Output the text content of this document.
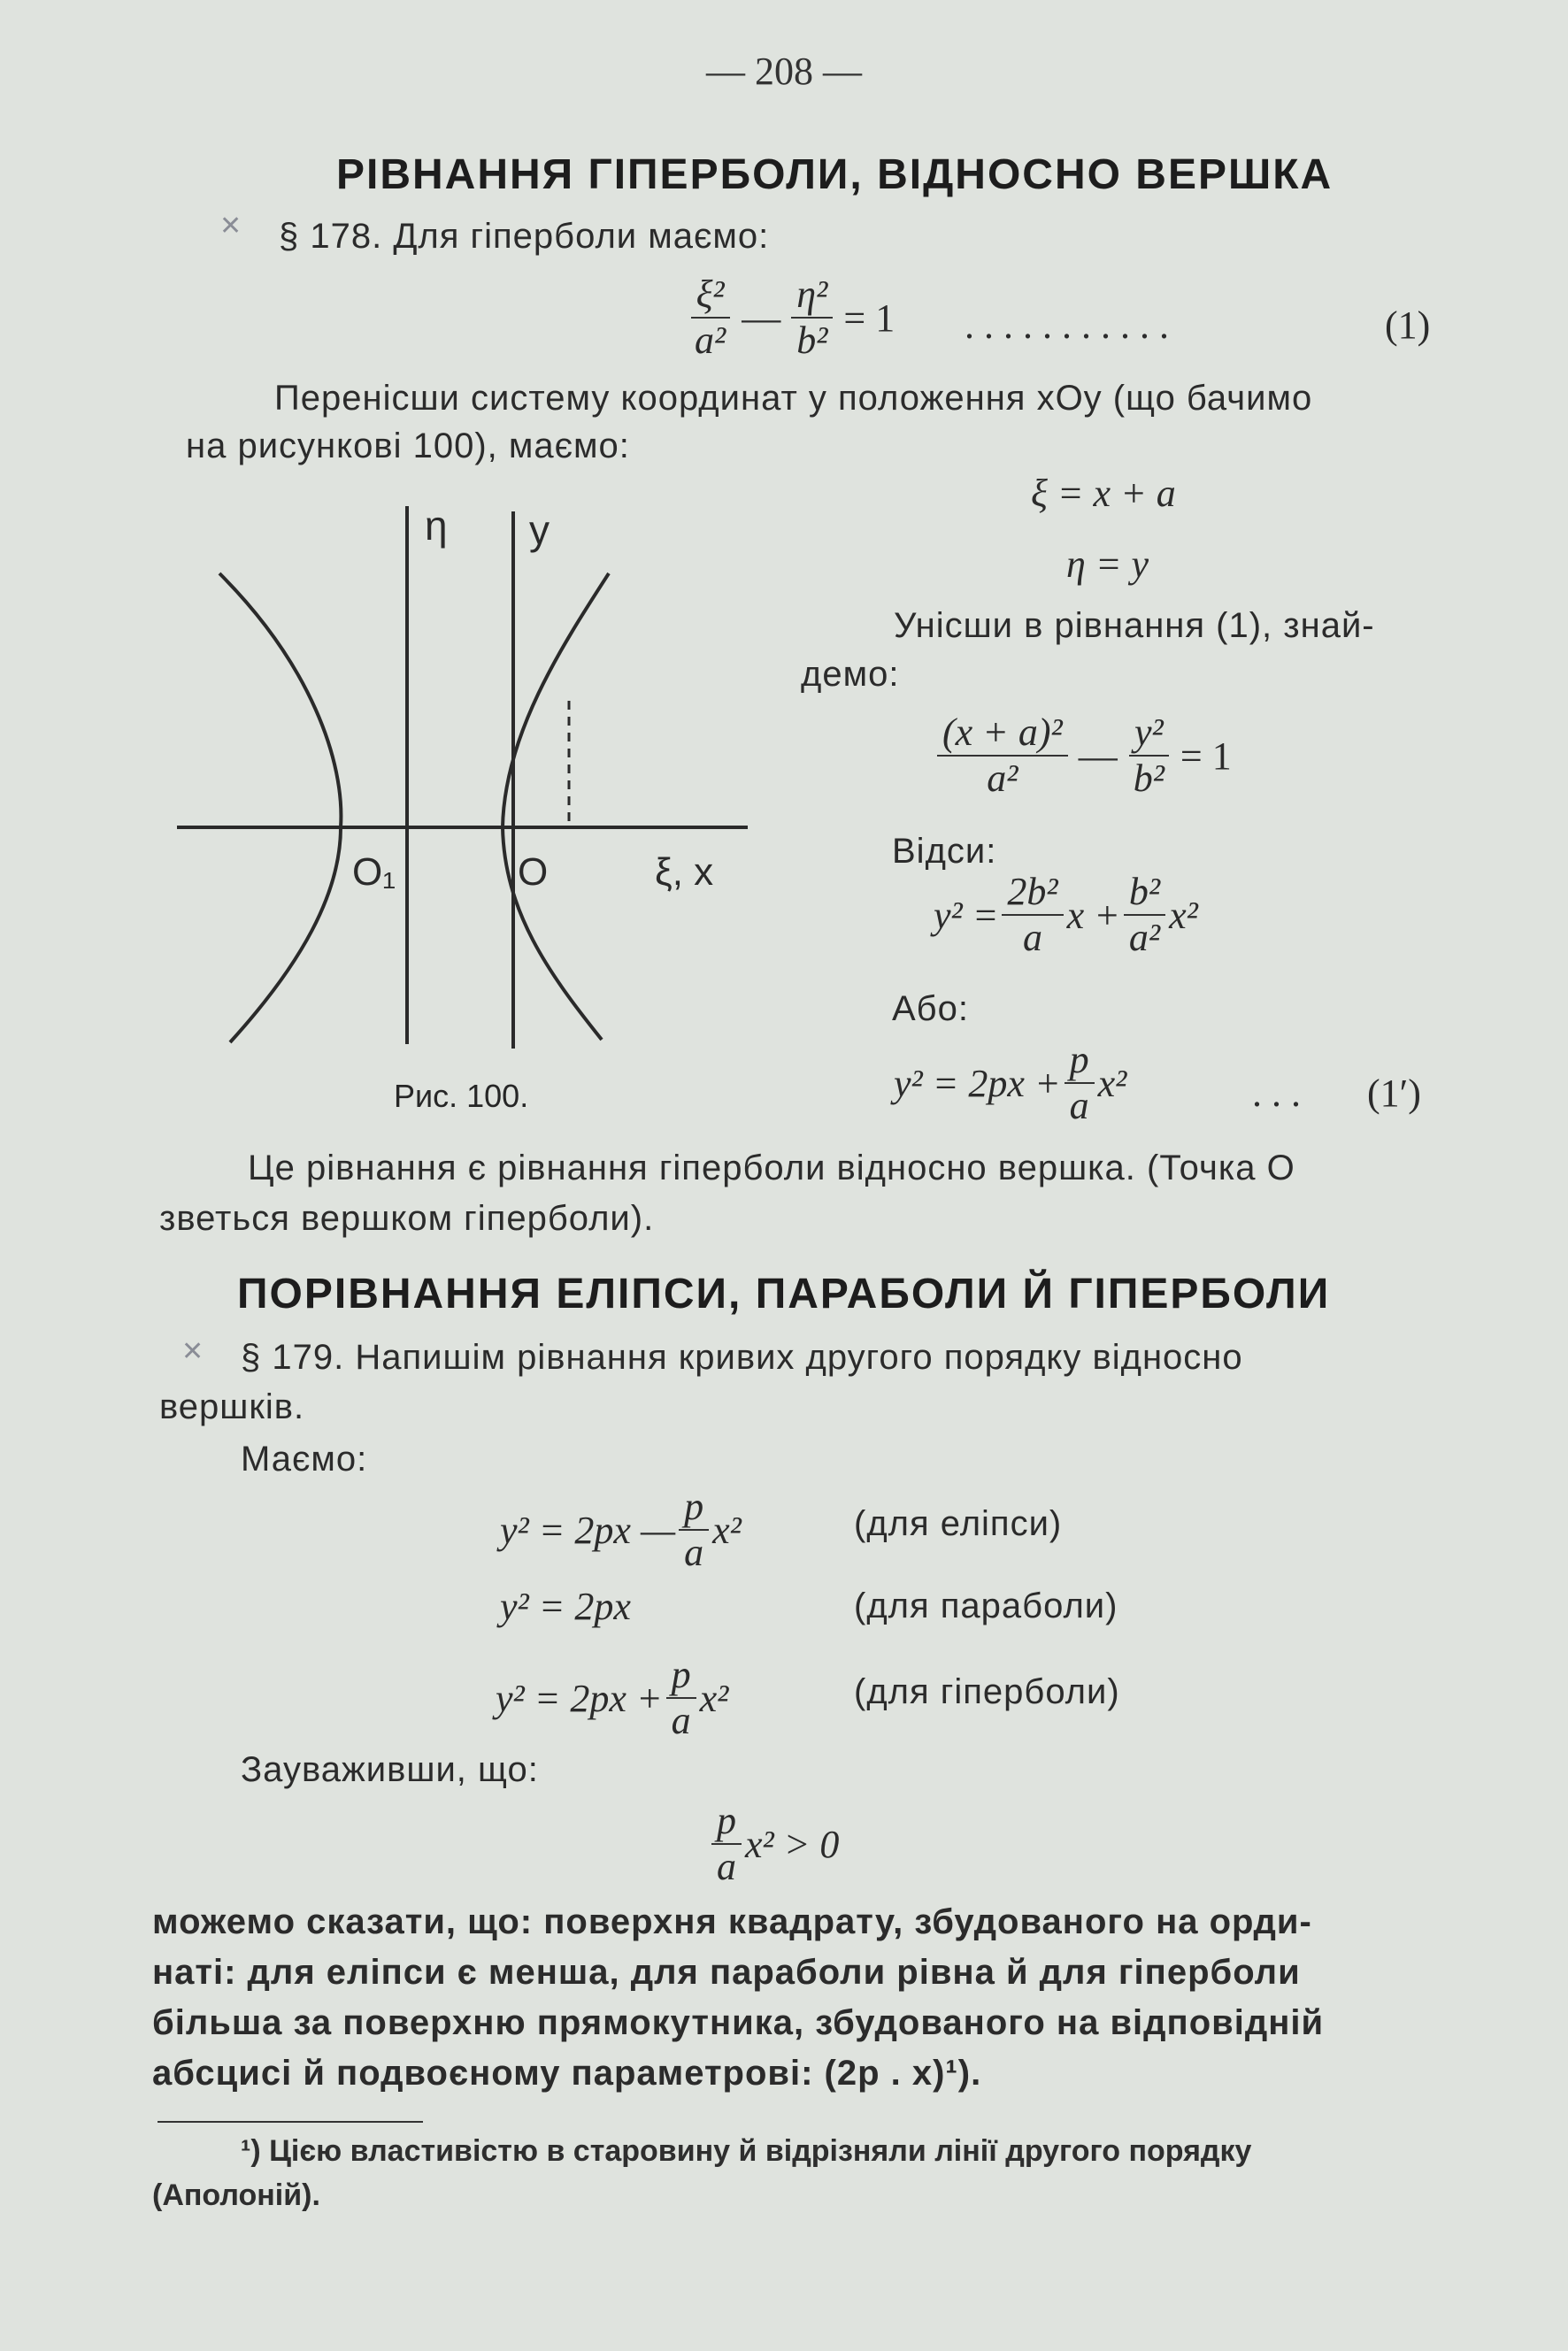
— 208 —
РІВНАННЯ ГІПЕРБОЛИ, ВІДНОСНО ВЕРШКА
✕ § 178. Для гіперболи маємо:
$\frac{\text{ξ²}}{\text{a²}}$ — $\frac{\text{η²}}{\text{b²}} = 1$ . . . . . . . . . . .	(1)
Перенісши систему координат у положення xOy (що бачимо
на рисункові 100), маємо:
ξ = x + a
η = y
η y
O₁	O	ξ, x
Рис. 100.
Унісши в рівнання (1), знай-
демо:
$\frac{\text{(x + a)²}}{\text{a²}}$ — $\frac{\text{y²}}{\text{b²}} = 1$
Відси:
$y^2 = \frac{\text{2b²}}{a}$ $x + \frac{\text{b²}}{\text{a²}} x^2$
Або:
$y^2 = 2px + \frac{p}{a} x^2$	. . . (1′)
Це рівнання є рівнання гіперболи відносно вершка. (Точка O
зветься вершком гіперболи).
ПОРІВНАННЯ ЕЛІПСИ, ПАРАБОЛИ Й ГІПЕРБОЛИ
✕ § 179. Напишім рівнання кривих другого порядку відносно
вершків.
Маємо:
y² = 2px — $\frac{p}{a} x^2$	(для елiпси)
y² = 2px	(для параболи)
$y^2 = 2px + \frac{p}{a} x^2$	(для гіперболи)
Зауваживши, що:
$\frac{p}{a} x^2 > 0$
можемо сказати, що: поверхня квадрату, збудованого на орди-
наті: для еліпси є менша, для параболи рівна й для гіперболи
більша за поверхню прямокутника, збудованого на відповідній
абсцисі й подвоєному параметрові: (2p . x)¹).
¹) Цією властивістю в старовину й відрізняли лінії другого порядку
(Аполоній).
